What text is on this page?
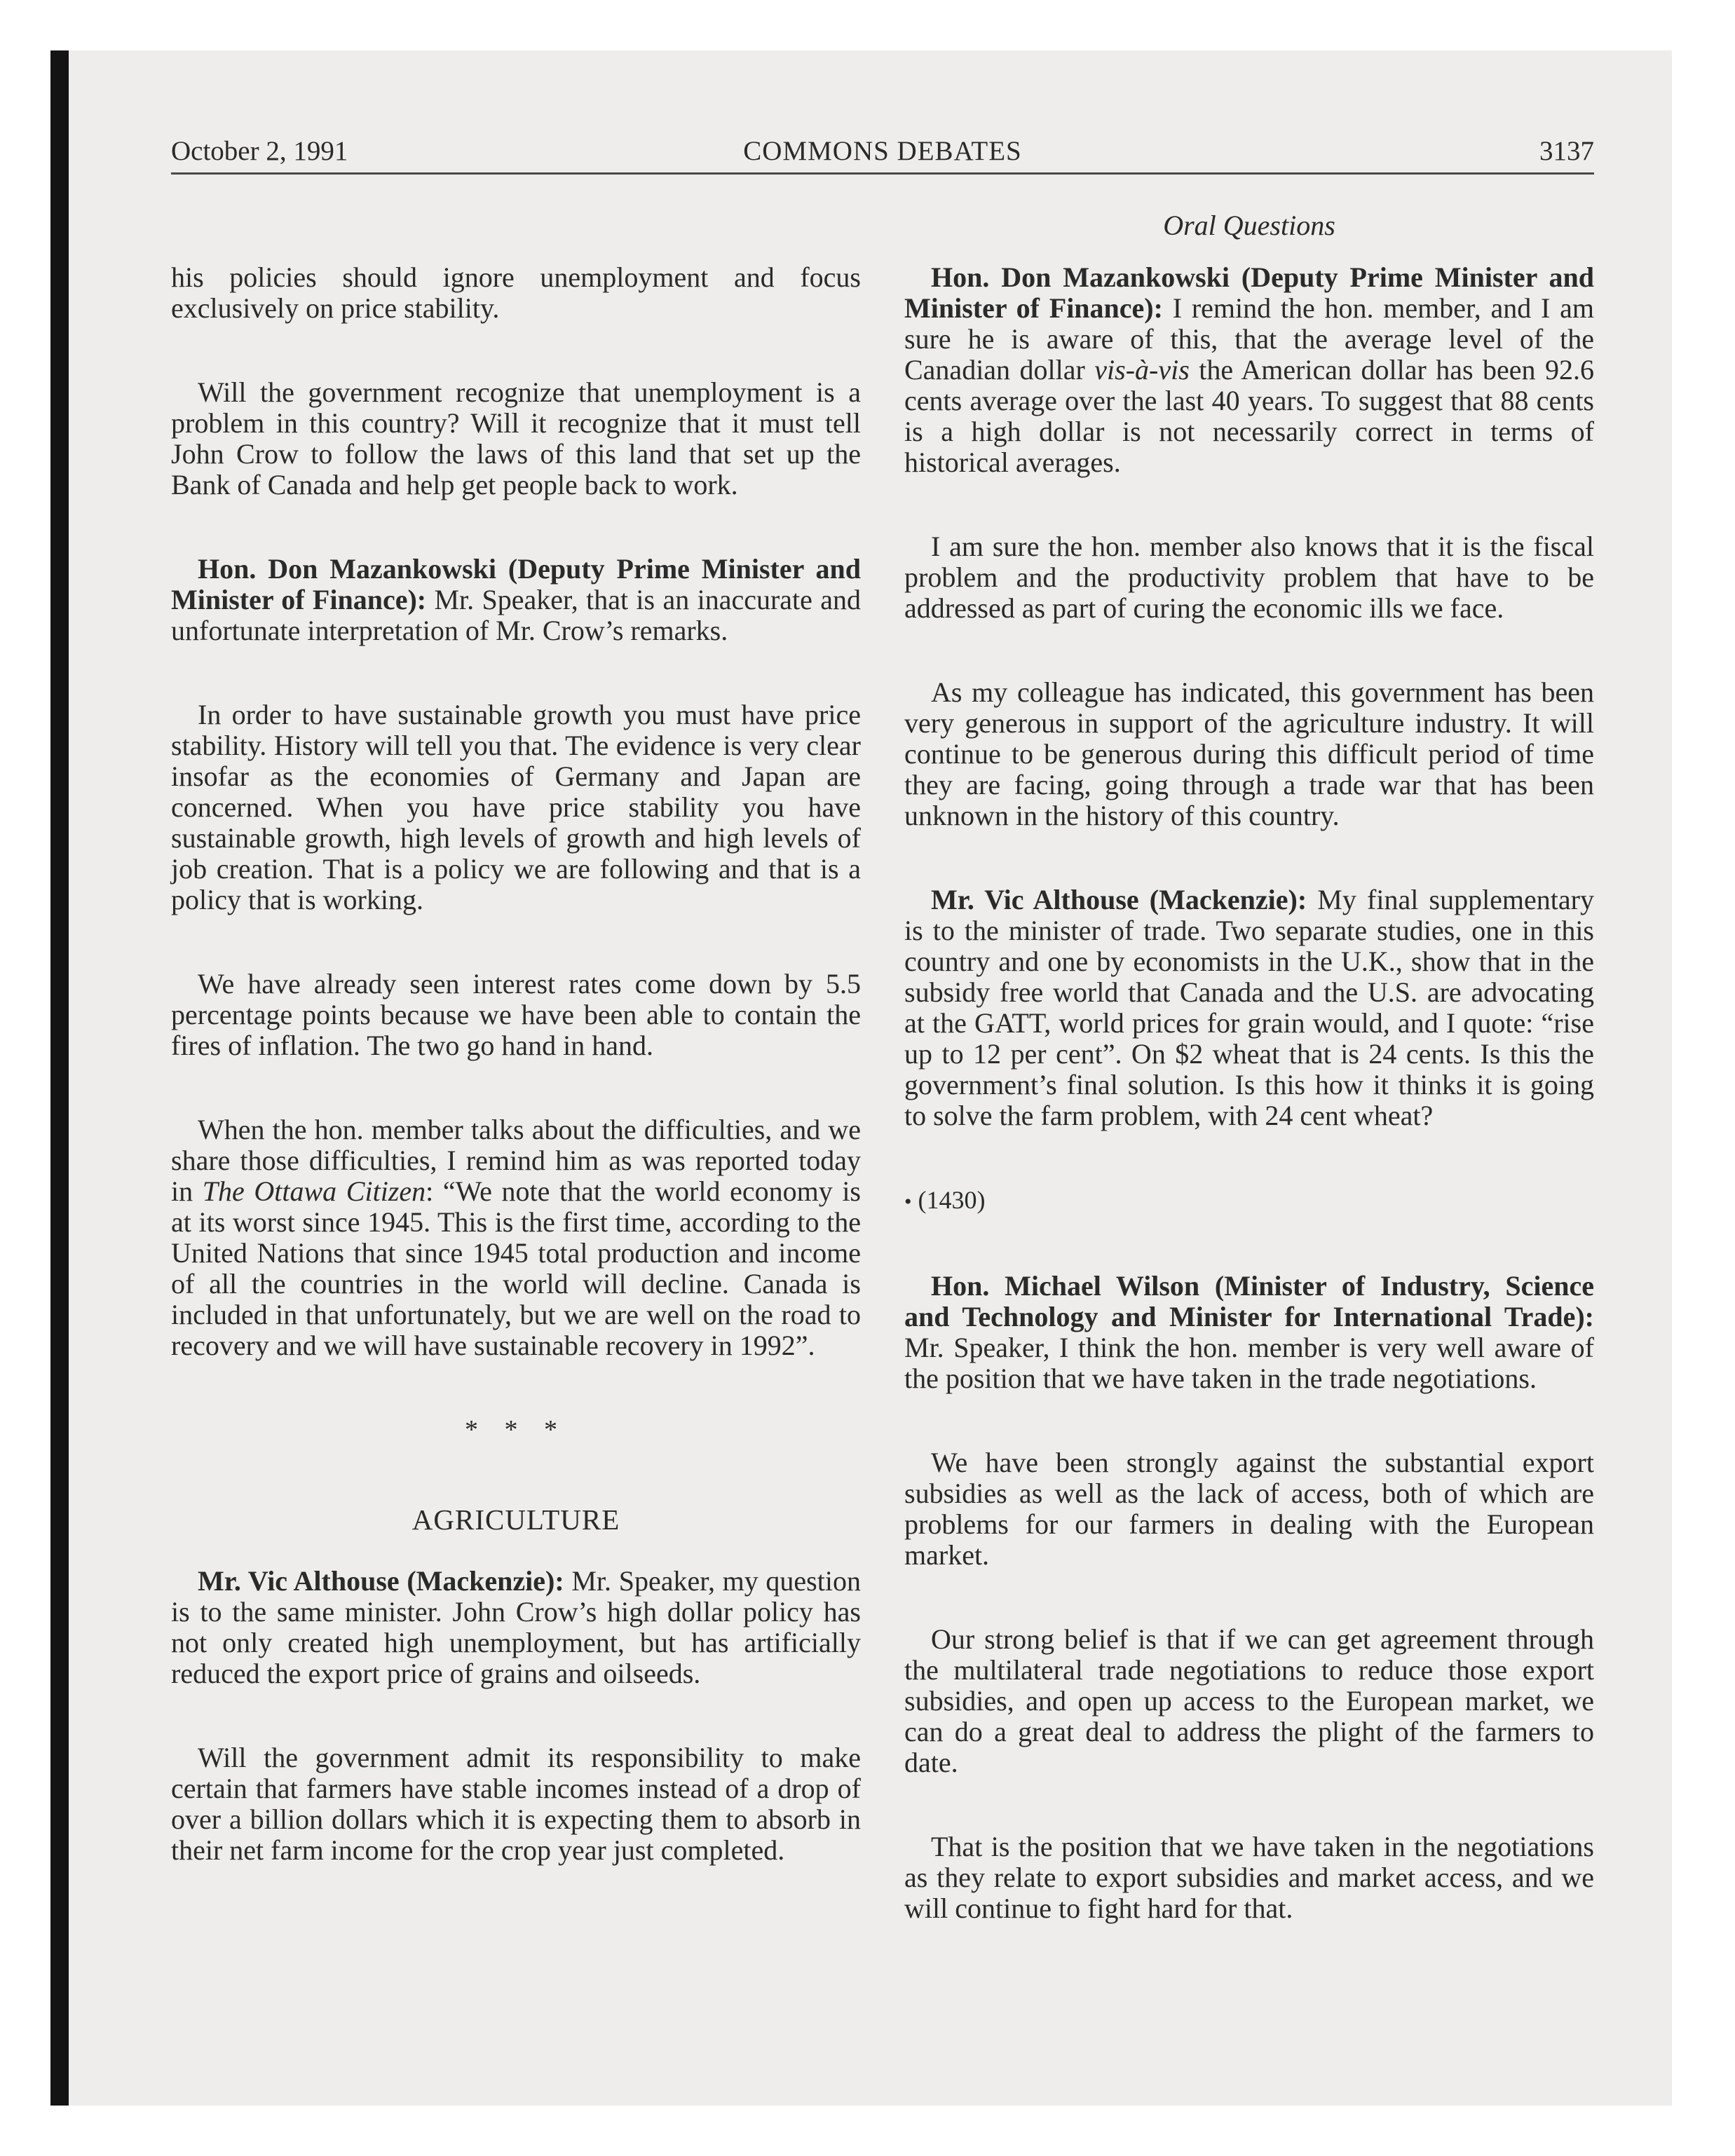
October 2, 1991	COMMONS DEBATES	3137
Oral Questions

his policies should ignore unemployment and focus exclusively on price stability.

Will the government recognize that unemployment is a problem in this country? Will it recognize that it must tell John Crow to follow the laws of this land that set up the Bank of Canada and help get people back to work.

Hon. Don Mazankowski (Deputy Prime Minister and Minister of Finance): Mr. Speaker, that is an inaccurate and unfortunate interpretation of Mr. Crow’s remarks.

In order to have sustainable growth you must have price stability. History will tell you that. The evidence is very clear insofar as the economies of Germany and Japan are concerned. When you have price stability you have sustainable growth, high levels of growth and high levels of job creation. That is a policy we are following and that is a policy that is working.

We have already seen interest rates come down by 5.5 percentage points because we have been able to contain the fires of inflation. The two go hand in hand.

When the hon. member talks about the difficulties, and we share those difficulties, I remind him as was reported today in The Ottawa Citizen: “We note that the world economy is at its worst since 1945. This is the first time, according to the United Nations that since 1945 total production and income of all the countries in the world will decline. Canada is included in that unfortunately, but we are well on the road to recovery and we will have sustainable recovery in 1992”.

* * *
AGRICULTURE

Mr. Vic Althouse (Mackenzie): Mr. Speaker, my question is to the same minister. John Crow’s high dollar policy has not only created high unemployment, but has artificially reduced the export price of grains and oilseeds.

Will the government admit its responsibility to make certain that farmers have stable incomes instead of a drop of over a billion dollars which it is expecting them to absorb in their net farm income for the crop year just completed.

Hon. Don Mazankowski (Deputy Prime Minister and Minister of Finance): I remind the hon. member, and I am sure he is aware of this, that the average level of the Canadian dollar vis-à-vis the American dollar has been 92.6 cents average over the last 40 years. To suggest that 88 cents is a high dollar is not necessarily correct in terms of historical averages.

I am sure the hon. member also knows that it is the fiscal problem and the productivity problem that have to be addressed as part of curing the economic ills we face.

As my colleague has indicated, this government has been very generous in support of the agriculture industry. It will continue to be generous during this difficult period of time they are facing, going through a trade war that has been unknown in the history of this country.

Mr. Vic Althouse (Mackenzie): My final supplementary is to the minister of trade. Two separate studies, one in this country and one by economists in the U.K., show that in the subsidy free world that Canada and the U.S. are advocating at the GATT, world prices for grain would, and I quote: “rise up to 12 per cent”. On $2 wheat that is 24 cents. Is this the government’s final solution. Is this how it thinks it is going to solve the farm problem, with 24 cent wheat?

• (1430)

Hon. Michael Wilson (Minister of Industry, Science and Technology and Minister for International Trade): Mr. Speaker, I think the hon. member is very well aware of the position that we have taken in the trade negotiations.

We have been strongly against the substantial export subsidies as well as the lack of access, both of which are problems for our farmers in dealing with the European market.

Our strong belief is that if we can get agreement through the multilateral trade negotiations to reduce those export subsidies, and open up access to the European market, we can do a great deal to address the plight of the farmers to date.

That is the position that we have taken in the negotiations as they relate to export subsidies and market access, and we will continue to fight hard for that.
